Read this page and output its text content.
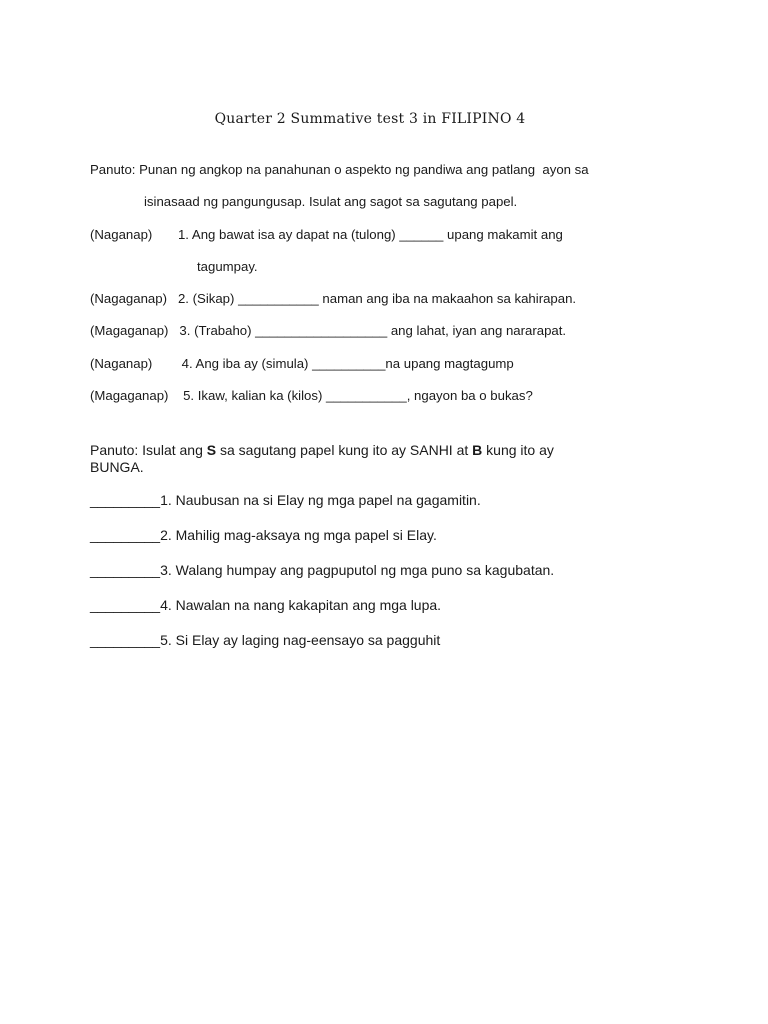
Quarter 2 Summative test 3 in FILIPINO 4
Panuto: Punan ng angkop na panahunan o aspekto ng pandiwa ang patlang  ayon sa
isinasaad ng pangungusap. Isulat ang sagot sa sagutang papel.
(Naganap)       1. Ang bawat isa ay dapat na (tulong) ______ upang makamit ang
tagumpay.
(Nagaganap)   2. (Sikap) ___________ naman ang iba na makaahon sa kahirapan.
(Magaganap)   3. (Trabaho) __________________ ang lahat, iyan ang nararapat.
(Naganap)        4. Ang iba ay (simula) __________na upang magtagump
(Magaganap)    5. Ikaw, kalian ka (kilos) ___________, ngayon ba o bukas?
Panuto: Isulat ang S sa sagutang papel kung ito ay SANHI at B kung ito ay
BUNGA.
_________1. Naubusan na si Elay ng mga papel na gagamitin.
_________2. Mahilig mag-aksaya ng mga papel si Elay.
_________3. Walang humpay ang pagpuputol ng mga puno sa kagubatan.
_________4. Nawalan na nang kakapitan ang mga lupa.
_________5. Si Elay ay laging nag-eensayo sa pagguhit
